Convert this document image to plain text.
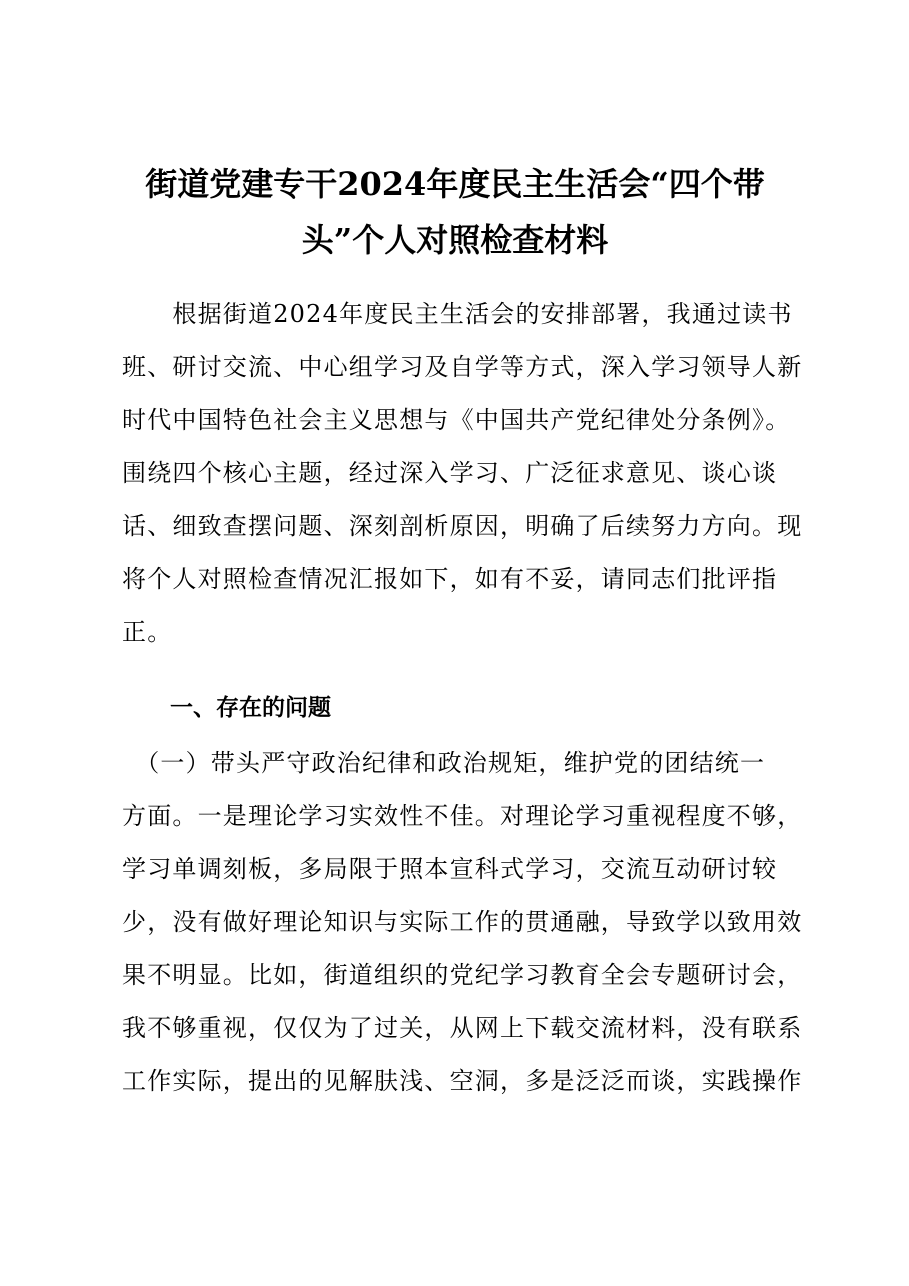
街道党建专干2024年度民主生活会“四个带
头”个人对照检查材料
　　根据街道2024年度民主生活会的安排部署，我通过读书
班、研讨交流、中心组学习及自学等方式，深入学习领导人新
时代中国特色社会主义思想与《中国共产党纪律处分条例》。
围绕四个核心主题，经过深入学习、广泛征求意见、谈心谈
话、细致查摆问题、深刻剖析原因，明确了后续努力方向。现
将个人对照检查情况汇报如下，如有不妥，请同志们批评指
正。
一、存在的问题
　（一）带头严守政治纪律和政治规矩，维护党的团结统一
方面。一是理论学习实效性不佳。对理论学习重视程度不够，
学习单调刻板，多局限于照本宣科式学习，交流互动研讨较
少，没有做好理论知识与实际工作的贯通融，导致学以致用效
果不明显。比如，街道组织的党纪学习教育全会专题研讨会，
我不够重视，仅仅为了过关，从网上下载交流材料，没有联系
工作实际，提出的见解肤浅、空洞，多是泛泛而谈，实践操作
